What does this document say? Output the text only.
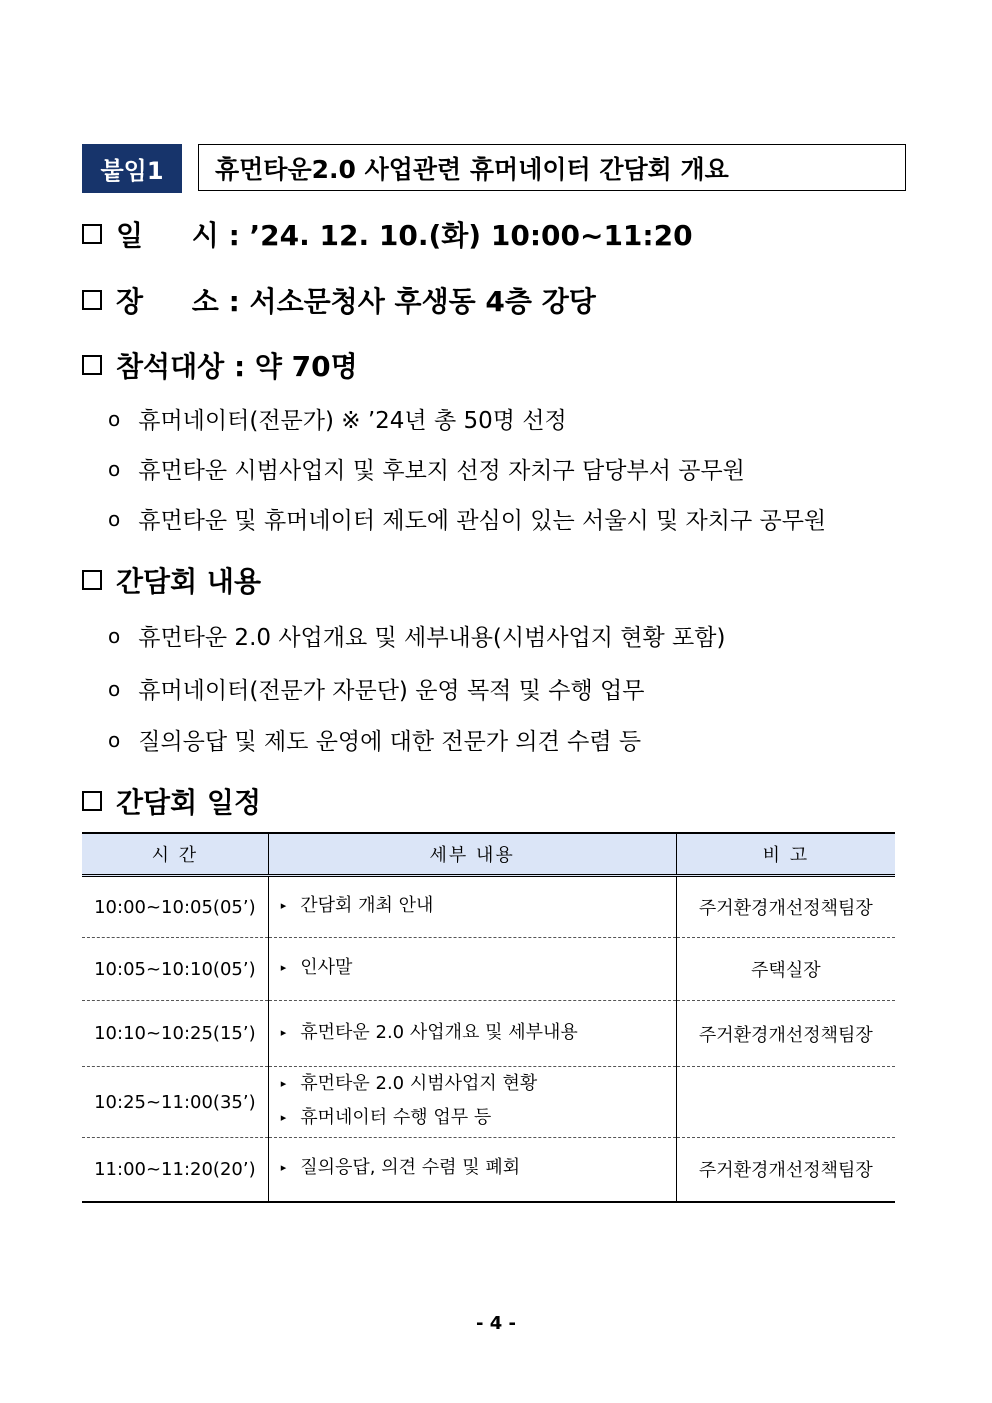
붙임1	휴먼타운2.0 사업관련 휴머네이터 간담회 개요
일     시 : ’24. 12. 10.(화) 10:00~11:20
장     소 : 서소문청사 후생동 4층 강당
참석대상 : 약 70명
o 휴머네이터(전문가) ※ ’24년 총 50명 선정
o 휴먼타운 시범사업지 및 후보지 선정 자치구 담당부서 공무원
o 휴먼타운 및 휴머네이터 제도에 관심이 있는 서울시 및 자치구 공무원
간담회 내용
o 휴먼타운 2.0 사업개요 및 세부내용(시범사업지 현황 포함)
o 휴머네이터(전문가 자문단) 운영 목적 및 수행 업무
o 질의응답 및 제도 운영에 대한 전문가 의견 수렴 등
간담회 일정
시 간	세부 내용	비 고
10:00~10:05(05’)	▸ 간담회 개최 안내	주거환경개선정책팀장
10:05~10:10(05’)	▸ 인사말	주택실장
10:10~10:25(15’)	▸ 휴먼타운 2.0 사업개요 및 세부내용	주거환경개선정책팀장
10:25~11:00(35’)	▸ 휴먼타운 2.0 시범사업지 현황
▸ 휴머네이터 수행 업무 등	

11:00~11:20(20’)	▸ 질의응답, 의견 수렴 및 폐회	주거환경개선정책팀장
- 4 -
